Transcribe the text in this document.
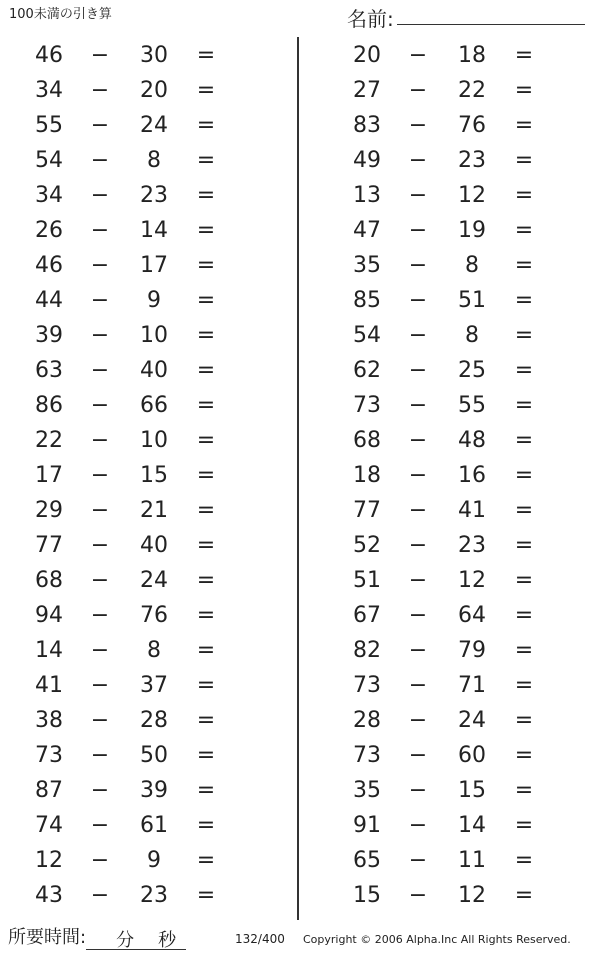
100未満の引き算	名前:
46	−	30	=
34	−	20	=
55	−	24	=
54	−	8	=
34	−	23	=
26	−	14	=
46	−	17	=
44	−	9	=
39	−	10	=
63	−	40	=
86	−	66	=
22	−	10	=
17	−	15	=
29	−	21	=
77	−	40	=
68	−	24	=
94	−	76	=
14	−	8	=
41	−	37	=
38	−	28	=
73	−	50	=
87	−	39	=
74	−	61	=
12	−	9	=
43	−	23	=
20	−	18	=
27	−	22	=
83	−	76	=
49	−	23	=
13	−	12	=
47	−	19	=
35	−	8	=
85	−	51	=
54	−	8	=
62	−	25	=
73	−	55	=
68	−	48	=
18	−	16	=
77	−	41	=
52	−	23	=
51	−	12	=
67	−	64	=
82	−	79	=
73	−	71	=
28	−	24	=
73	−	60	=
35	−	15	=
91	−	14	=
65	−	11	=
15	−	12	=
所要時間: 分 秒	132/400 Copyright © 2006 Alpha.Inc All Rights Reserved.
